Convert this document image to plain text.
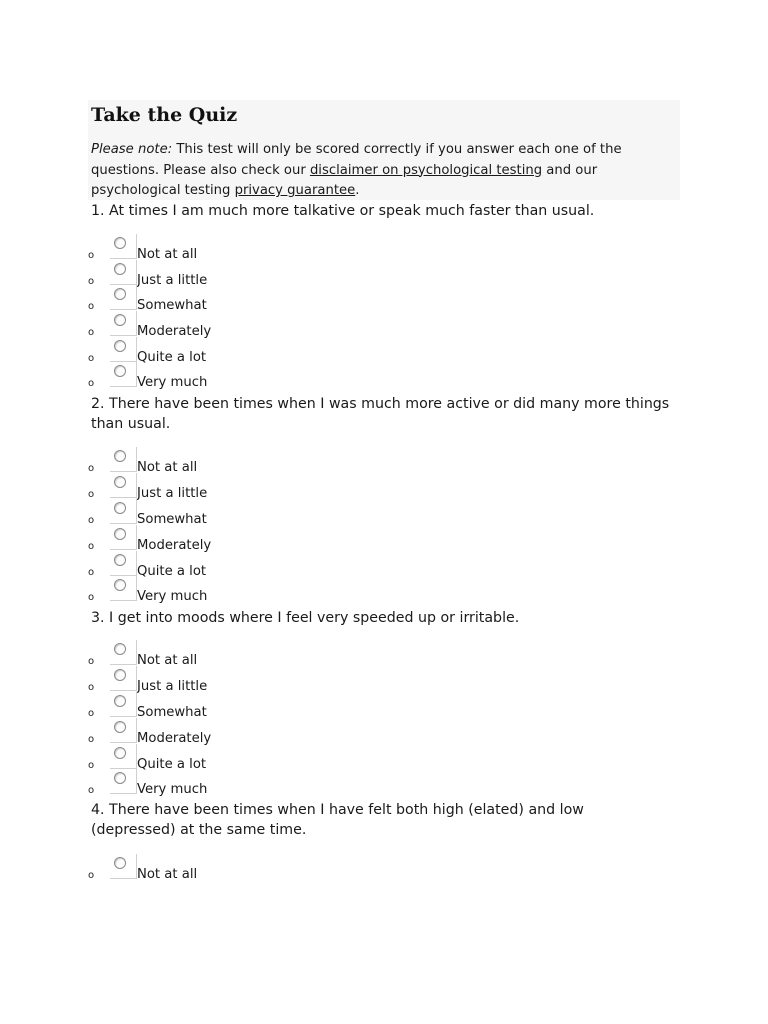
Take the Quiz

Please note: This test will only be scored correctly if you answer each one of the questions. Please also check our disclaimer on psychological testing and our psychological testing privacy guarantee.

1. At times I am much more talkative or speak much faster than usual.

o	Not at all
o	Just a little
o	Somewhat
o	Moderately
o	Quite a lot
o	Very much

2. There have been times when I was much more active or did many more things than usual.

o	Not at all
o	Just a little
o	Somewhat
o	Moderately
o	Quite a lot
o	Very much

3. I get into moods where I feel very speeded up or irritable.

o	Not at all
o	Just a little
o	Somewhat
o	Moderately
o	Quite a lot
o	Very much

4. There have been times when I have felt both high (elated) and low (depressed) at the same time.

o	Not at all
